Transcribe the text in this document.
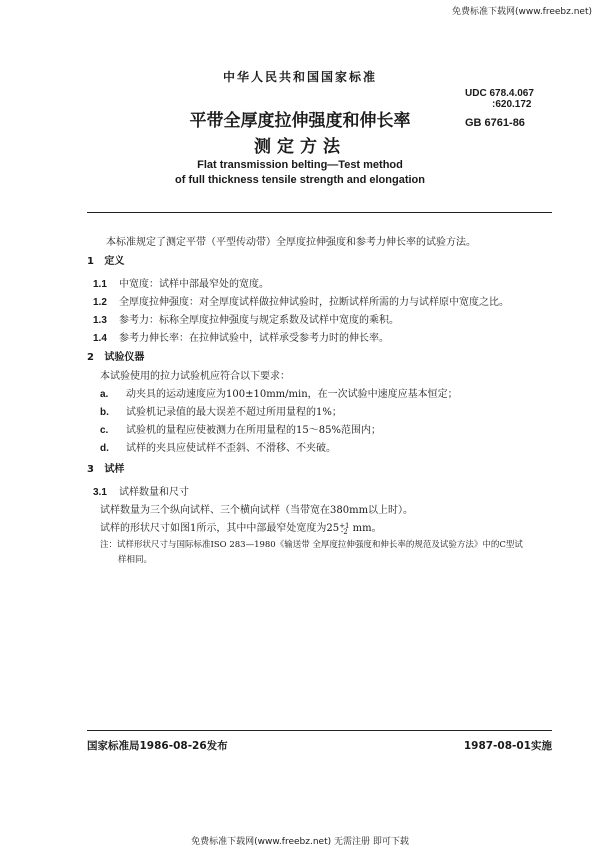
免费标准下载网(www.freebz.net)
中华人民共和国国家标准
UDC 678.4.067
:620.172
GB 6761-86
平带全厚度拉伸强度和伸长率
测定方法
Flat transmission belting—Test method
of full thickness tensile strength and elongation
本标准规定了测定平带（平型传动带）全厚度拉伸强度和参考力伸长率的试验方法。
1 定义
1.1 中宽度：试样中部最窄处的宽度。
1.2 全厚度拉伸强度：对全厚度试样做拉伸试验时，拉断试样所需的力与试样原中宽度之比。
1.3 参考力：标称全厚度拉伸强度与规定系数及试样中宽度的乘积。
1.4 参考力伸长率：在拉伸试验中，试样承受参考力时的伸长率。
2 试验仪器
本试验使用的拉力试验机应符合以下要求：
a. 动夹具的运动速度应为100±10mm/min，在一次试验中速度应基本恒定；
b. 试验机记录值的最大误差不超过所用量程的1%；
c. 试验机的量程应使被测力在所用量程的15～85%范围内；
d. 试样的夹具应使试样不歪斜、不滑移、不夹破。
3 试样
3.1 试样数量和尺寸
试样数量为三个纵向试样、三个横向试样（当带宽在380mm以上时）。
试样的形状尺寸如图1所示，其中中部最窄处宽度为25+1
-2 mm。
注：试样形状尺寸与国际标准ISO 283—1980《输送带 全厚度拉伸强度和伸长率的规范及试验方法》中的C型试
样相同。
国家标准局1986-08-26发布	1987-08-01实施
免费标准下载网(www.freebz.net) 无需注册 即可下载
